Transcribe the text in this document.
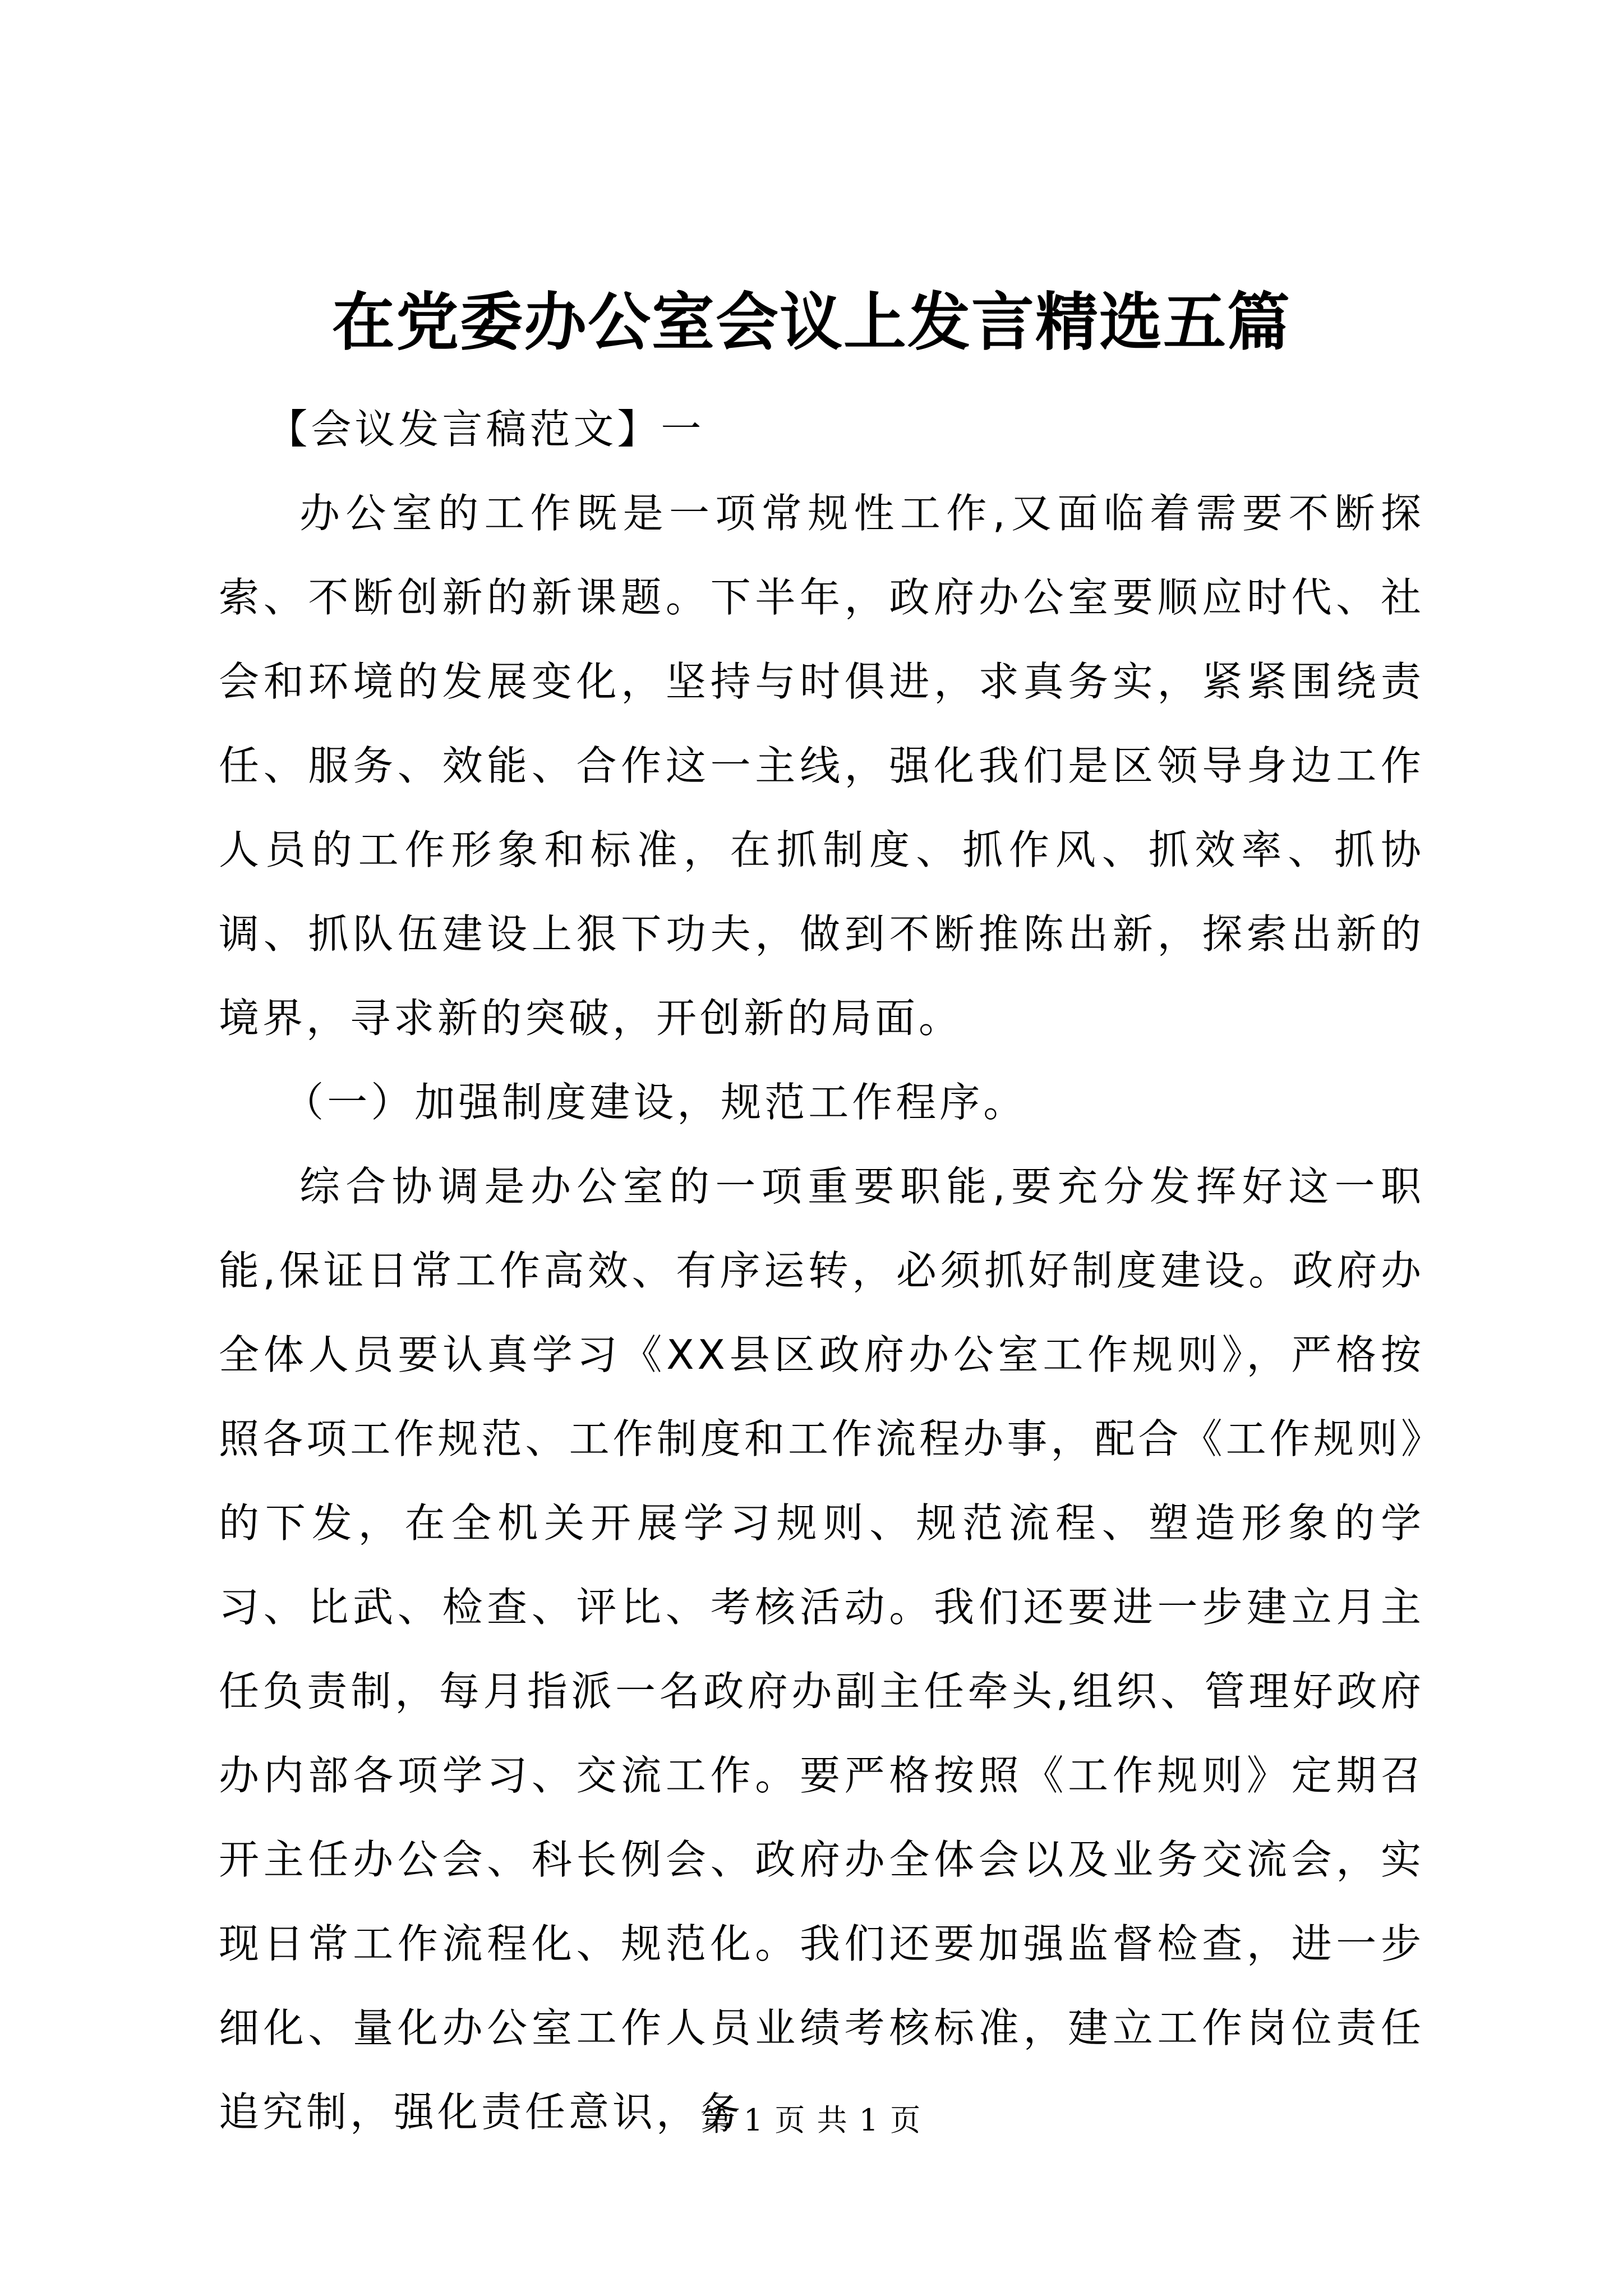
在党委办公室会议上发言精选五篇

【会议发言稿范文】一

办公室的工作既是一项常规性工作,又面临着需要不断探索、不断创新的新课题。下半年，政府办公室要顺应时代、社会和环境的发展变化，坚持与时俱进，求真务实，紧紧围绕责任、服务、效能、合作这一主线，强化我们是区领导身边工作人员的工作形象和标准，在抓制度、抓作风、抓效率、抓协调、抓队伍建设上狠下功夫，做到不断推陈出新，探索出新的境界，寻求新的突破，开创新的局面。

（一）加强制度建设，规范工作程序。

综合协调是办公室的一项重要职能,要充分发挥好这一职能,保证日常工作高效、有序运转，必须抓好制度建设。政府办全体人员要认真学习《XX县区政府办公室工作规则》，严格按照各项工作规范、工作制度和工作流程办事，配合《工作规则》的下发，在全机关开展学习规则、规范流程、塑造形象的学习、比武、检查、评比、考核活动。我们还要进一步建立月主任负责制，每月指派一名政府办副主任牵头,组织、管理好政府办内部各项学习、交流工作。要严格按照《工作规则》定期召开主任办公会、科长例会、政府办全体会以及业务交流会，实现日常工作流程化、规范化。我们还要加强监督检查，进一步细化、量化办公室工作人员业绩考核标准，建立工作岗位责任追究制，强化责任意识，务

第 1 页 共 1 页
